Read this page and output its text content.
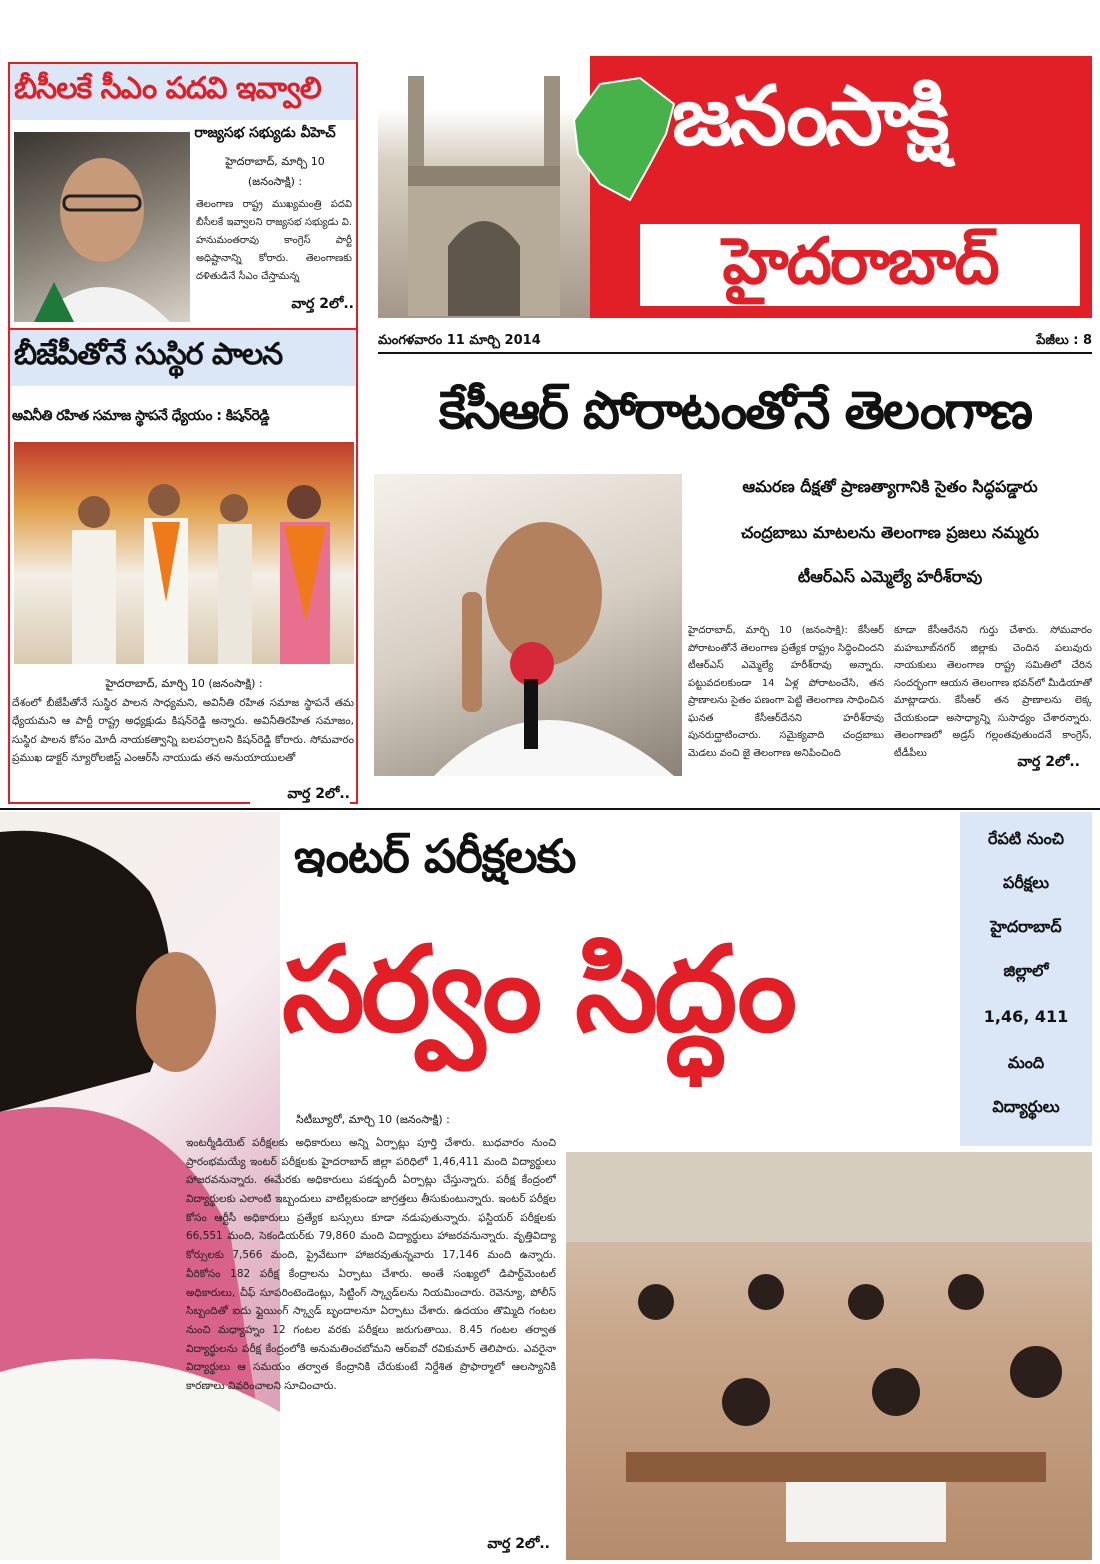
బీసీలకే సీఎం పదవి ఇవ్వాలి
రాజ్యసభ సభ్యుడు వీహెచ్
హైదరాబాద్, మార్చి 10
(జనంసాక్షి) :
తెలంగాణ రాష్ట్ర ముఖ్యమంత్రి పదవి బీసీలకే ఇవ్వాలని రాజ్యసభ సభ్యుడు వి. హనుమంతరావు కాంగ్రెస్ పార్టీ అధిష్టానాన్ని కోరారు. తెలంగాణకు దళితుడినే సీఎం చేస్తామన్న
వార్త 2లో..
బీజేపీతోనే సుస్థిర పాలన
అవినీతి రహిత సమాజ స్థాపనే ధ్యేయం : కిషన్‌రెడ్డి
హైదరాబాద్, మార్చి 10 (జనంసాక్షి) :
దేశంలో బీజేపీతోనే సుస్థిర పాలన సాధ్యమని, అవినీతి రహిత సమాజ స్థాపనే తమ ధ్యేయమని ఆ పార్టీ రాష్ట్ర అధ్యక్షుడు కిషన్‌రెడ్డి అన్నారు. అవినీతిరహిత సమాజం, సుస్థిర పాలన కోసం మోదీ నాయకత్వాన్ని బలపర్చాలని కిషన్‌రెడ్డి కోరారు. సోమవారం ప్రముఖ డాక్టర్ న్యూరోలజిస్ట్ ఎంఆర్‌సీ నాయుడు తన అనుయాయులతో
వార్త 2లో..
జనంసాక్షి
హైదరాబాద్
మంగళవారం 11 మార్చి 2014	పేజీలు : 8
కేసీఆర్ పోరాటంతోనే తెలంగాణ
ఆమరణ దీక్షతో ప్రాణత్యాగానికి సైతం సిద్ధపడ్డారు
చంద్రబాబు మాటలను తెలంగాణ ప్రజలు నమ్మరు
టీఆర్ఎస్ ఎమ్మెల్యే హరీశ్‌రావు
హైదరాబాద్, మార్చి 10 (జనంసాక్షి): కేసీఆర్ పోరాటంతోనే తెలంగాణ ప్రత్యేక రాష్ట్రం సిద్ధించిందని టీఆర్ఎస్ ఎమ్మెల్యే హరీశ్‌రావు అన్నారు. పట్టువదలకుండా 14 ఏళ్ల పోరాటంచేసి, తన ప్రాణాలను సైతం పణంగా పెట్టి తెలంగాణ సాధించిన ఘనత కేసీఆర్‌దేనని హరీశ్‌రావు పునరుద్ఘాటించారు. సమైక్యవాది చంద్రబాబు మెడలు వంచి జై తెలంగాణ అనిపించింది
కూడా కేసీఆరేనని గుర్తు చేశారు. సోమవారం మహబూబ్‌నగర్ జిల్లాకు చెందిన పలువురు నాయకులు తెలంగాణ రాష్ట్ర సమితిలో చేరిన సందర్భంగా ఆయన తెలంగాణ భవన్‌లో మీడియాతో మాట్లాడారు. కేసీఆర్ తన ప్రాణాలను లెక్క చేయకుండా అసాధ్యాన్ని సుసాధ్యం చేశారన్నారు. తెలంగాణలో అడ్రస్ గల్లంతవుతుందనే కాంగ్రెస్, టీడీపీలు
వార్త 2లో..
ఇంటర్ పరీక్షలకు
సర్వం సిద్ధం
రేపటి నుంచి
పరీక్షలు
హైదరాబాద్
జిల్లాలో
1,46, 411
మంది
విద్యార్థులు
సిటీబ్యూరో, మార్చి 10 (జనంసాక్షి) :
ఇంటర్మీడియెట్ పరీక్షలకు అధికారులు అన్ని ఏర్పాట్లు పూర్తి చేశారు. బుధవారం నుంచి ప్రారంభమయ్యే ఇంటర్ పరీక్షలకు హైదరాబాద్ జిల్లా పరిధిలో 1,46,411 మంది విద్యార్థులు హాజరవనున్నారు. ఈమేరకు అధికారులు పకడ్బందీ ఏర్పాట్లు చేస్తున్నారు. పరీక్ష కేంద్రంలో విద్యార్థులకు ఎలాంటి ఇబ్బందులు వాటిల్లకుండా జాగ్రత్తలు తీసుకుంటున్నారు. ఇంటర్ పరీక్షల కోసం ఆర్టీసీ అధికారులు ప్రత్యేక బస్సులు కూడా నడుపుతున్నారు. ఫస్టియర్ పరీక్షలకు 66,551 మంది, సెకండియర్‌కు 79,860 మంది విద్యార్థులు హాజరవనున్నారు. వృత్తివిద్యా కోర్సులకు 7,566 మంది, ప్రైవేటుగా హాజరవుతున్నవారు 17,146 మంది ఉన్నారు. వీరికోసం 182 పరీక్ష కేంద్రాలను ఏర్పాటు చేశారు. అంతే సంఖ్యలో డిపార్ట్‌మెంటల్ అధికారులు, చీఫ్ సూపరింటెండెంట్లు, సిట్టింగ్ స్క్వాడ్‌లను నియమించారు. రెవెన్యూ, పోలీస్ సిబ్బందితో ఐదు ఫ్లైయింగ్ స్క్వాడ్ బృందాలనూ ఏర్పాటు చేశారు. ఉదయం తొమ్మిది గంటల నుంచి మధ్యాహ్నం 12 గంటల వరకు పరీక్షలు జరుగుతాయి. 8.45 గంటల తర్వాత విద్యార్థులను పరీక్ష కేంద్రంలోకి అనుమతించబోమని ఆర్‌ఐవో రవికుమార్ తెలిపారు. ఎవరైనా విద్యార్థులు ఆ సమయం తర్వాత కేంద్రానికి చేరుకుంటే నిర్దేశిత ప్రొఫార్మాలో ఆలస్యానికి కారణాలు వివరించాలని సూచించారు.
వార్త 2లో..
